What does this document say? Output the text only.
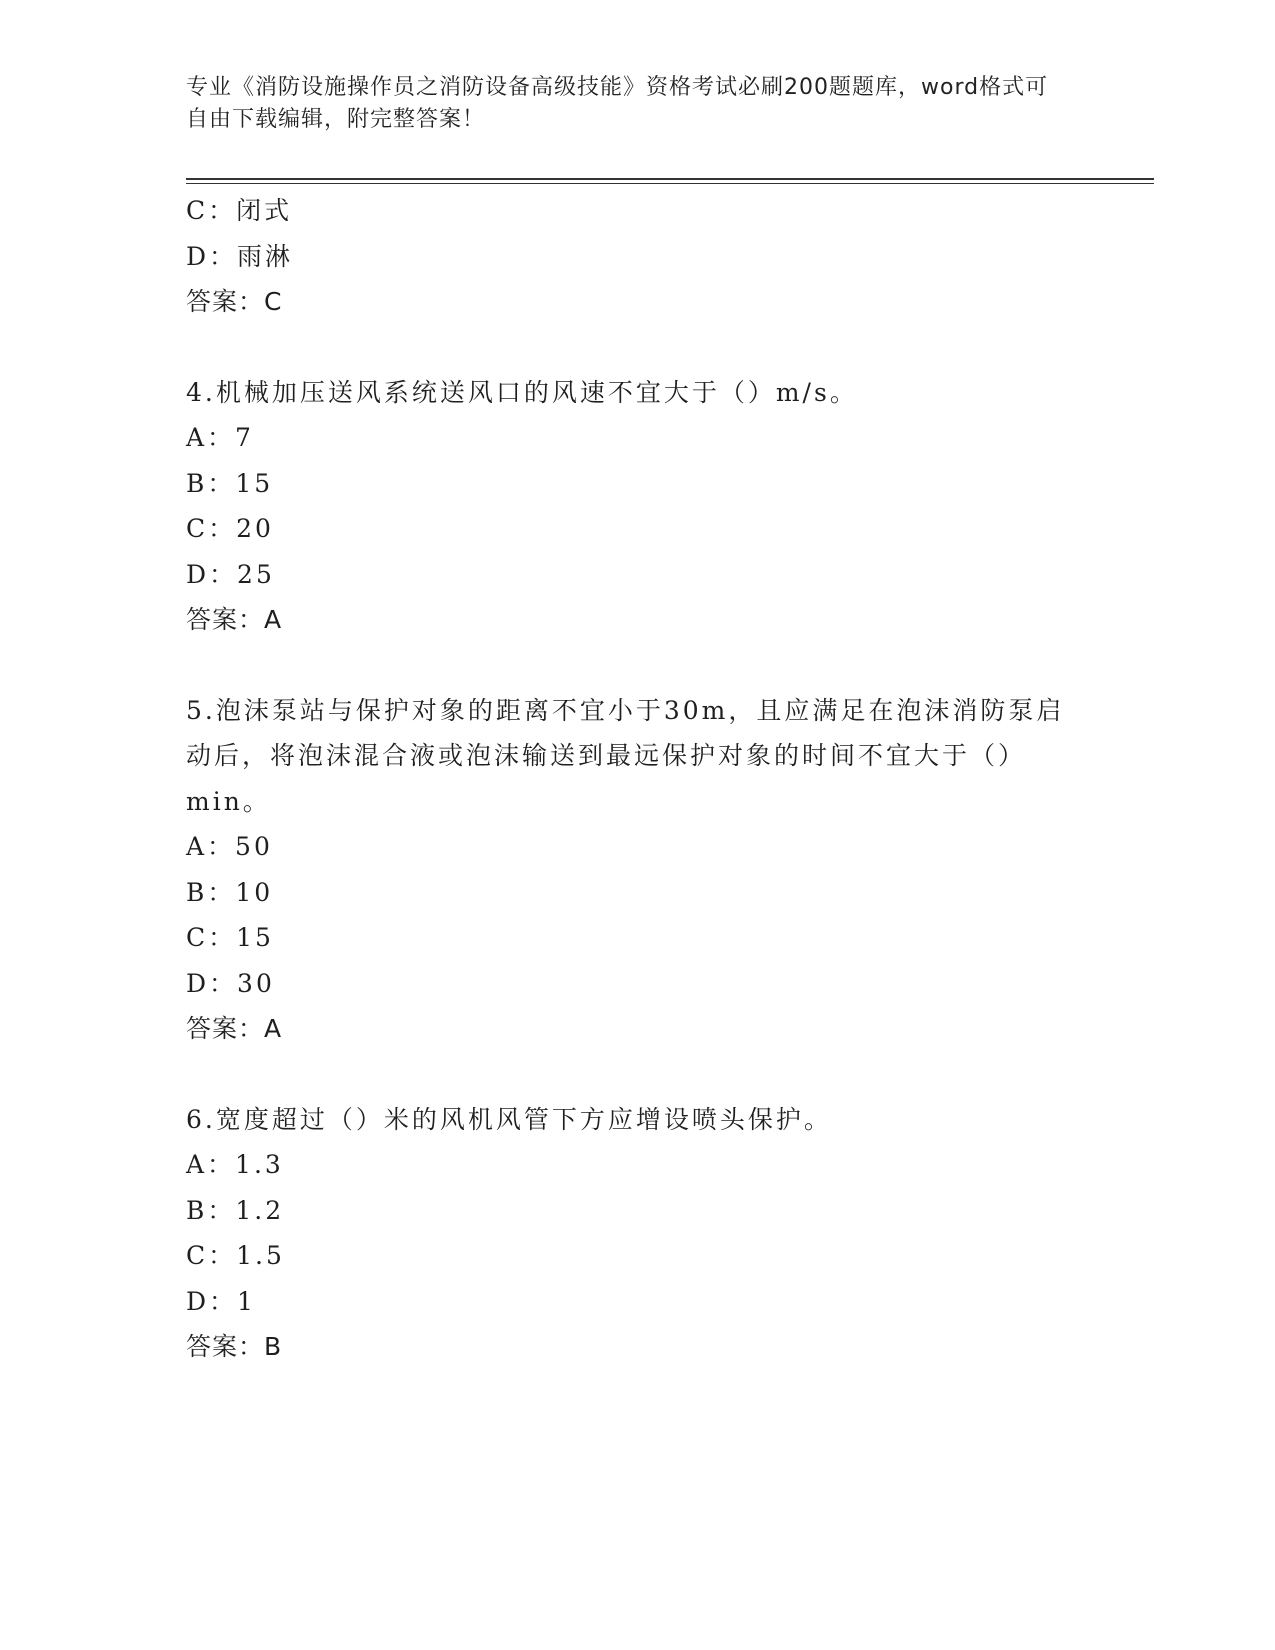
专业《消防设施操作员之消防设备高级技能》资格考试必刷200题题库，word格式可自由下载编辑，附完整答案！
C：闭式
D：雨淋
答案：C
4.机械加压送风系统送风口的风速不宜大于（）m/s。
A：7
B：15
C：20
D：25
答案：A
5.泡沫泵站与保护对象的距离不宜小于30m，且应满足在泡沫消防泵启
动后，将泡沫混合液或泡沫输送到最远保护对象的时间不宜大于（）
min。
A：50
B：10
C：15
D：30
答案：A
6.宽度超过（）米的风机风管下方应增设喷头保护。
A：1.3
B：1.2
C：1.5
D：1
答案：B
